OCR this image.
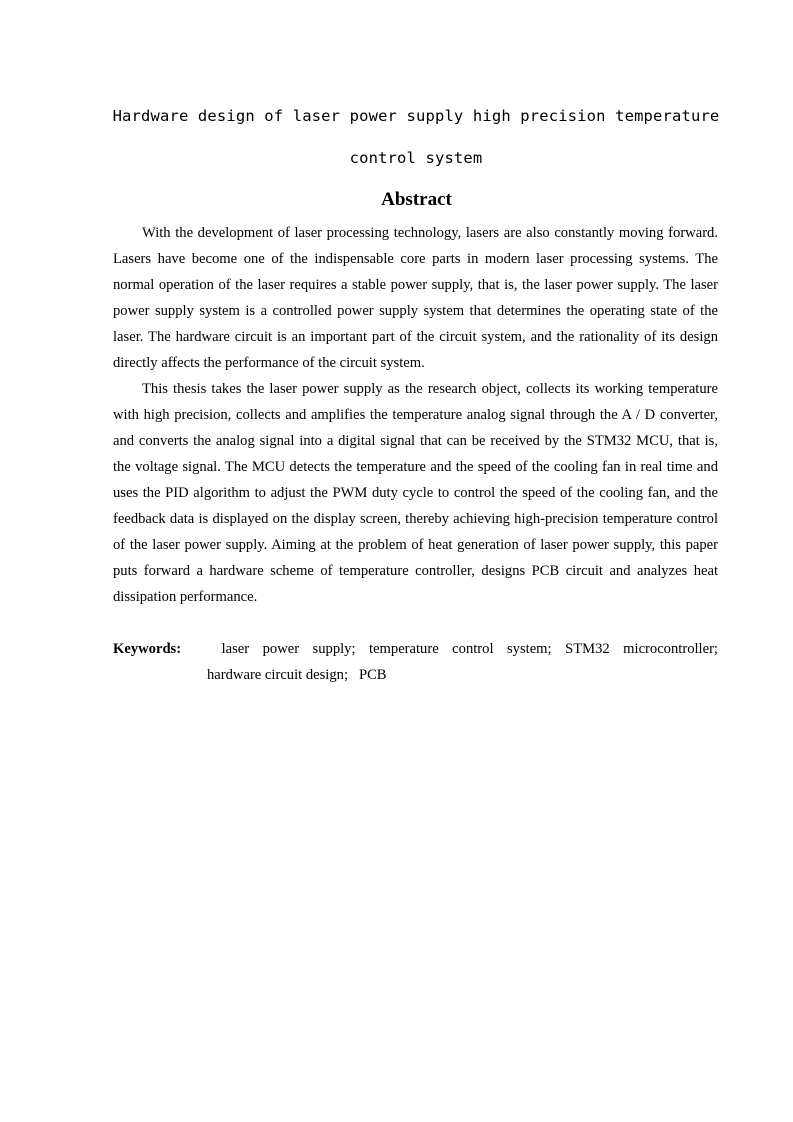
Hardware design of laser power supply high precision temperature
control system
Abstract

With the development of laser processing technology, lasers are also constantly moving forward. Lasers have become one of the indispensable core parts in modern laser processing systems. The normal operation of the laser requires a stable power supply, that is, the laser power supply. The laser power supply system is a controlled power supply system that determines the operating state of the laser. The hardware circuit is an important part of the circuit system, and the rationality of its design directly affects the performance of the circuit system.

This thesis takes the laser power supply as the research object, collects its working temperature with high precision, collects and amplifies the temperature analog signal through the A / D converter, and converts the analog signal into a digital signal that can be received by the STM32 MCU, that is, the voltage signal. The MCU detects the temperature and the speed of the cooling fan in real time and uses the PID algorithm to adjust the PWM duty cycle to control the speed of the cooling fan, and the feedback data is displayed on the display screen, thereby achieving high-precision temperature control of the laser power supply. Aiming at the problem of heat generation of laser power supply, this paper puts forward a hardware scheme of temperature controller, designs PCB circuit and analyzes heat dissipation performance.

Keywords:	laser power supply; temperature control system; STM32 microcontroller;
hardware circuit design;   PCB
